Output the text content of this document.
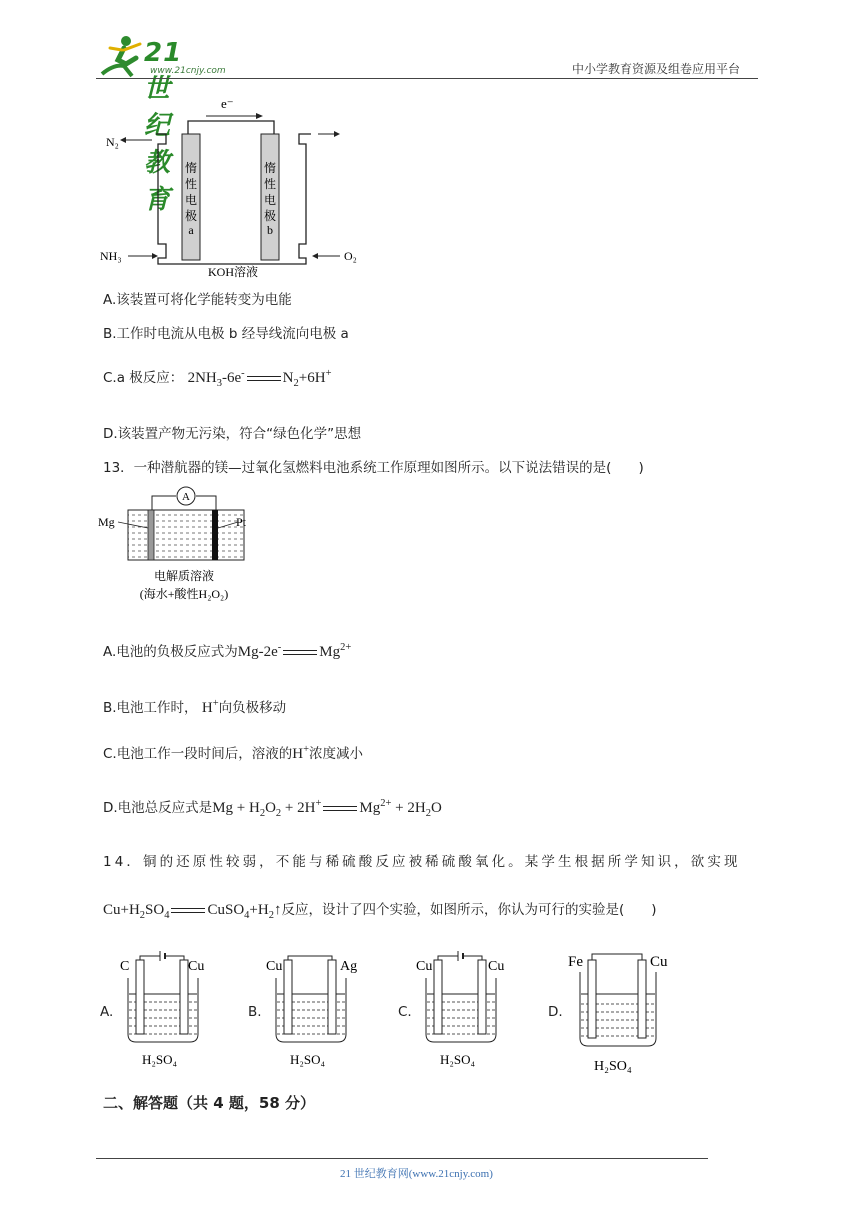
21世纪教育
www.21cnjy.com	中小学教育资源及组卷应用平台
e⁻
惰
性
电
极
a
惰
性
电
极
b
N₂
NH₃	O₂
KOH溶液
A.该装置可将化学能转变为电能
B.工作时电流从电极 b 经导线流向电极 a
C.a 极反应： $2NH_3-6e^-$	$N_2+6H^+$
D.该装置产物无污染，符合“绿色化学”思想
13．一种潜航器的镁—过氧化氢燃料电池系统工作原理如图所示。以下说法错误的是(　　)
A
Mg	Pt
电解质溶液
(海水+酸性H₂O₂)
A.电池的负极反应式为Mg-2e-	$Mg^{2+}$
B.电池工作时， H+向负极移动
C.电池工作一段时间后，溶液的H+浓度减小
D.电池总反应式是$Mg + H_2O_2 + 2H^+$	$Mg^{2+} + 2H_2O$
14．铜的还原性较弱，不能与稀硫酸反应被稀硫酸氧化。某学生根据所学知识，欲实现
$Cu+H_2SO_4$	$CuSO_4+H_2↑$反应，设计了四个实验，如图所示，你认为可行的实验是(　　)
A.
C	Cu
H₂SO₄
B.
Cu	Ag
H₂SO₄
C.
Cu	Cu
H₂SO₄
D.
Fe	Cu
H₂SO₄
二、解答题（共 4 题，58 分）
21 世纪教育网(www.21cnjy.com)
